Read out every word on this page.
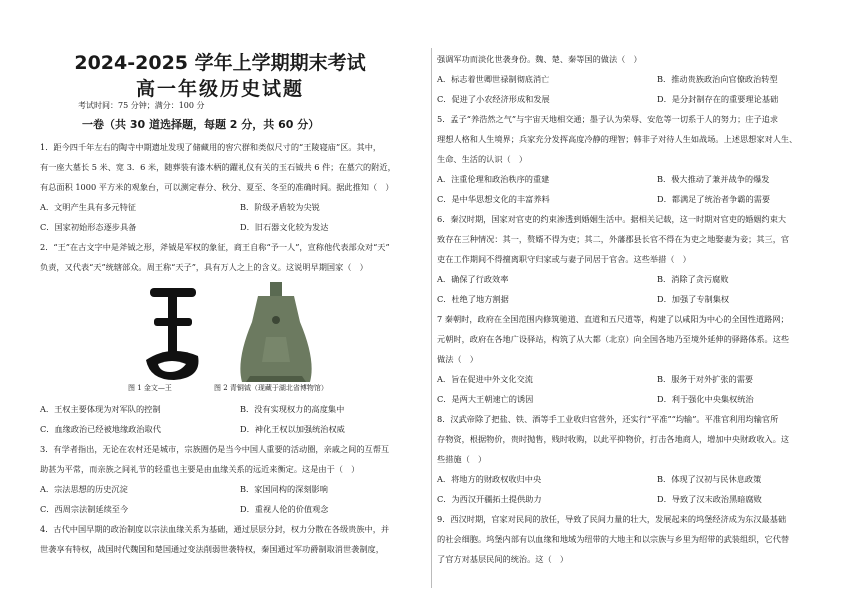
2024-2025 学年上学期期末考试
高一年级历史试题
考试时间：75 分钟；满分：100 分
一卷（共 30 道选择题，每题 2 分，共 60 分）
1．距今四千年左右的陶寺中期遗址发现了储藏用的窖穴群和类似尺寸的“王陵寝庙”区。其中，
有一座大墓长 5 米、宽 3．6 米，随葬装有漆木柄的躍礼仪有关的玉石钺共 6 件；在墓穴的附近，
有总面积 1000 平方米的观象台，可以测定春分、秋分、夏至、冬至的准确时间。据此推知（　）
A．文明产生具有多元特征	B．阶级矛盾较为尖锐
C．国家初始形态逐步具备	D．旧石器文化较为发达
2．“王”在古文字中是斧钺之形，斧钺是军权的象征，商王自称“予一人”，宣称他代表部众对“天”
负责，又代表“天”统辖部众。周王称“天子”，具有万人之上的含义。这说明早期国家（　）
图 1 金文—王	图 2 青铜钺（现藏于湖北省博物馆）
A．王权主要体现为对军队的控制	B．没有实现权力的高度集中
C．血缘政治已经被地缘政治取代	D．神化王权以加强统治权威
3．有学者指出，无论在农村还是城市，宗族圈仍是当今中国人重要的活动圈，亲戚之间的互帮互
助甚为平常，而亲族之间礼节的轻重也主要是由血缘关系的远近来衡定。这是由于（　）
A．宗法思想的历史沉淀	B．家国同构的深刻影响
C．西周宗法制延续至今	D．重视人伦的价值观念
4．古代中国早期的政治制度以宗法血缘关系为基础，通过层层分封，权力分散在各级贵族中，并
世袭享有特权，战国时代魏国和楚国通过变法削弱世袭特权，秦国通过军功爵制取消世袭制度，
强调军功而淡化世袭身份。魏、楚、秦等国的做法（　）
A．标志着世卿世禄制彻底消亡	B．推动贵族政治向官僚政治转型
C．促进了小农经济形成和发展	D．是分封制存在的重要理论基础
5．孟子“养浩然之气”与宇宙天地相交通；墨子认为荣辱、安危等一切系于人的努力；庄子追求
理想人格和人生境界；兵家充分发挥高度冷静的理智；韩非子对待人生如战场。上述思想家对人生、
生命、生活的认识（　）
A．注重伦理和政治秩序的重建	B．极大推动了兼并战争的爆发
C．是中华思想文化的丰富养料	D．都满足了统治者争霸的需要
6．秦汉时期，国家对官吏的约束渗透到婚姻生活中。据相关记载，这一时期对官吏的婚姻约束大
致存在三种情况：其一，赘婿不得为吏；其二，外藩郡县长官不得在为吏之地娶妻为妾；其三，官
吏在工作期间不得擅离职守归家或与妻子同居于官舍。这些举措（　）
A．确保了行政效率	B．消除了贪污腐败
C．杜绝了地方割据	D．加强了专制集权
7 秦朝时，政府在全国范围内修筑驰道、直道和五尺道等，构建了以咸阳为中心的全国性道路网；
元朝时，政府在各地广设驿站，构筑了从大都（北京）向全国各地乃至境外延伸的驿路体系。这些
做法（　）
A．旨在促进中外文化交流	B．服务于对外扩张的需要
C．是两大王朝速亡的诱因	D．利于强化中央集权统治
8．汉武帝除了把盐、铁、酒等手工业收归官营外，还实行“平准”“均输”。平准官利用均输官所
存物资，根据物价，贵时抛售，贱时收购，以此平抑物价，打击各地商人，增加中央财政收入。这
些措施（　）
A．将地方的财政权收归中央	B．体现了汉初与民休息政策
C．为西汉开疆拓土提供助力	D．导致了汉末政治黑暗腐败
9．西汉时期，官家对民间的放任，导致了民间力量的壮大，发展起来的坞堡经济成为东汉最基础
的社会细胞。坞堡内部有以血缘和地域为纽带的大地主和以宗族与乡里为绍带的武装组织，它代替
了官方对基层民间的统治。这（　）
